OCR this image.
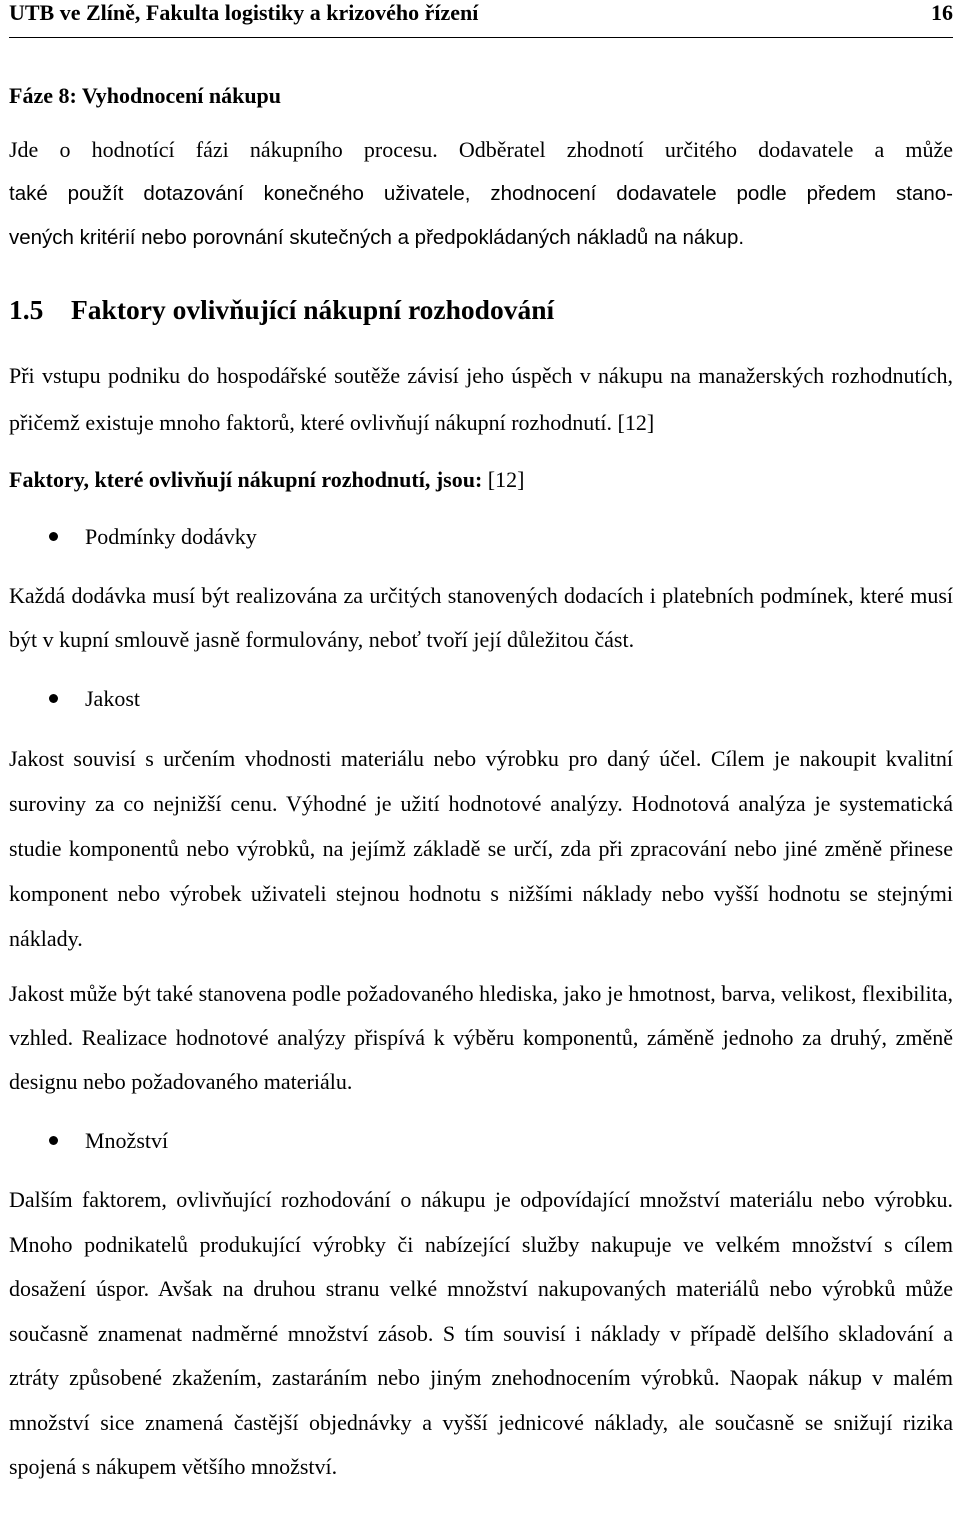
UTB ve Zlíně, Fakulta logistiky a krizového řízení	16
Fáze 8: Vyhodnocení nákupu
Jde o hodnotící fázi nákupního procesu. Odběratel zhodnotí určitého dodavatele a může
také použít dotazování konečného uživatele, zhodnocení dodavatele podle předem stano-
vených kritérií nebo porovnání skutečných a předpokládaných nákladů na nákup.
1.5 Faktory ovlivňující nákupní rozhodování

Při vstupu podniku do hospodářské soutěže závisí jeho úspěch v nákupu na manažerských rozhodnutích, přičemž existuje mnoho faktorů, které ovlivňují nákupní rozhodnutí. [12]

Faktory, které ovlivňují nákupní rozhodnutí, jsou: [12]
Podmínky dodávky

Každá dodávka musí být realizována za určitých stanovených dodacích i platebních podmínek, které musí být v kupní smlouvě jasně formulovány, neboť tvoří její důležitou část.

Jakost

Jakost souvisí s určením vhodnosti materiálu nebo výrobku pro daný účel. Cílem je nakoupit kvalitní suroviny za co nejnižší cenu. Výhodné je užití hodnotové analýzy. Hodnotová analýza je systematická studie komponentů nebo výrobků, na jejímž základě se určí, zda při zpracování nebo jiné změně přinese komponent nebo výrobek uživateli stejnou hodnotu s nižšími náklady nebo vyšší hodnotu se stejnými náklady.

Jakost může být také stanovena podle požadovaného hlediska, jako je hmotnost, barva, velikost, flexibilita, vzhled. Realizace hodnotové analýzy přispívá k výběru komponentů, záměně jednoho za druhý, změně designu nebo požadovaného materiálu.

Množství

Dalším faktorem, ovlivňující rozhodování o nákupu je odpovídající množství materiálu nebo výrobku. Mnoho podnikatelů produkující výrobky či nabízející služby nakupuje ve velkém množství s cílem dosažení úspor. Avšak na druhou stranu velké množství nakupovaných materiálů nebo výrobků může současně znamenat nadměrné množství zásob. S tím souvisí i náklady v případě delšího skladování a ztráty způsobené zkažením, zastaráním nebo jiným znehodnocením výrobků. Naopak nákup v malém množství sice znamená častější objednávky a vyšší jednicové náklady, ale současně se snižují rizika spojená s nákupem většího množství.
